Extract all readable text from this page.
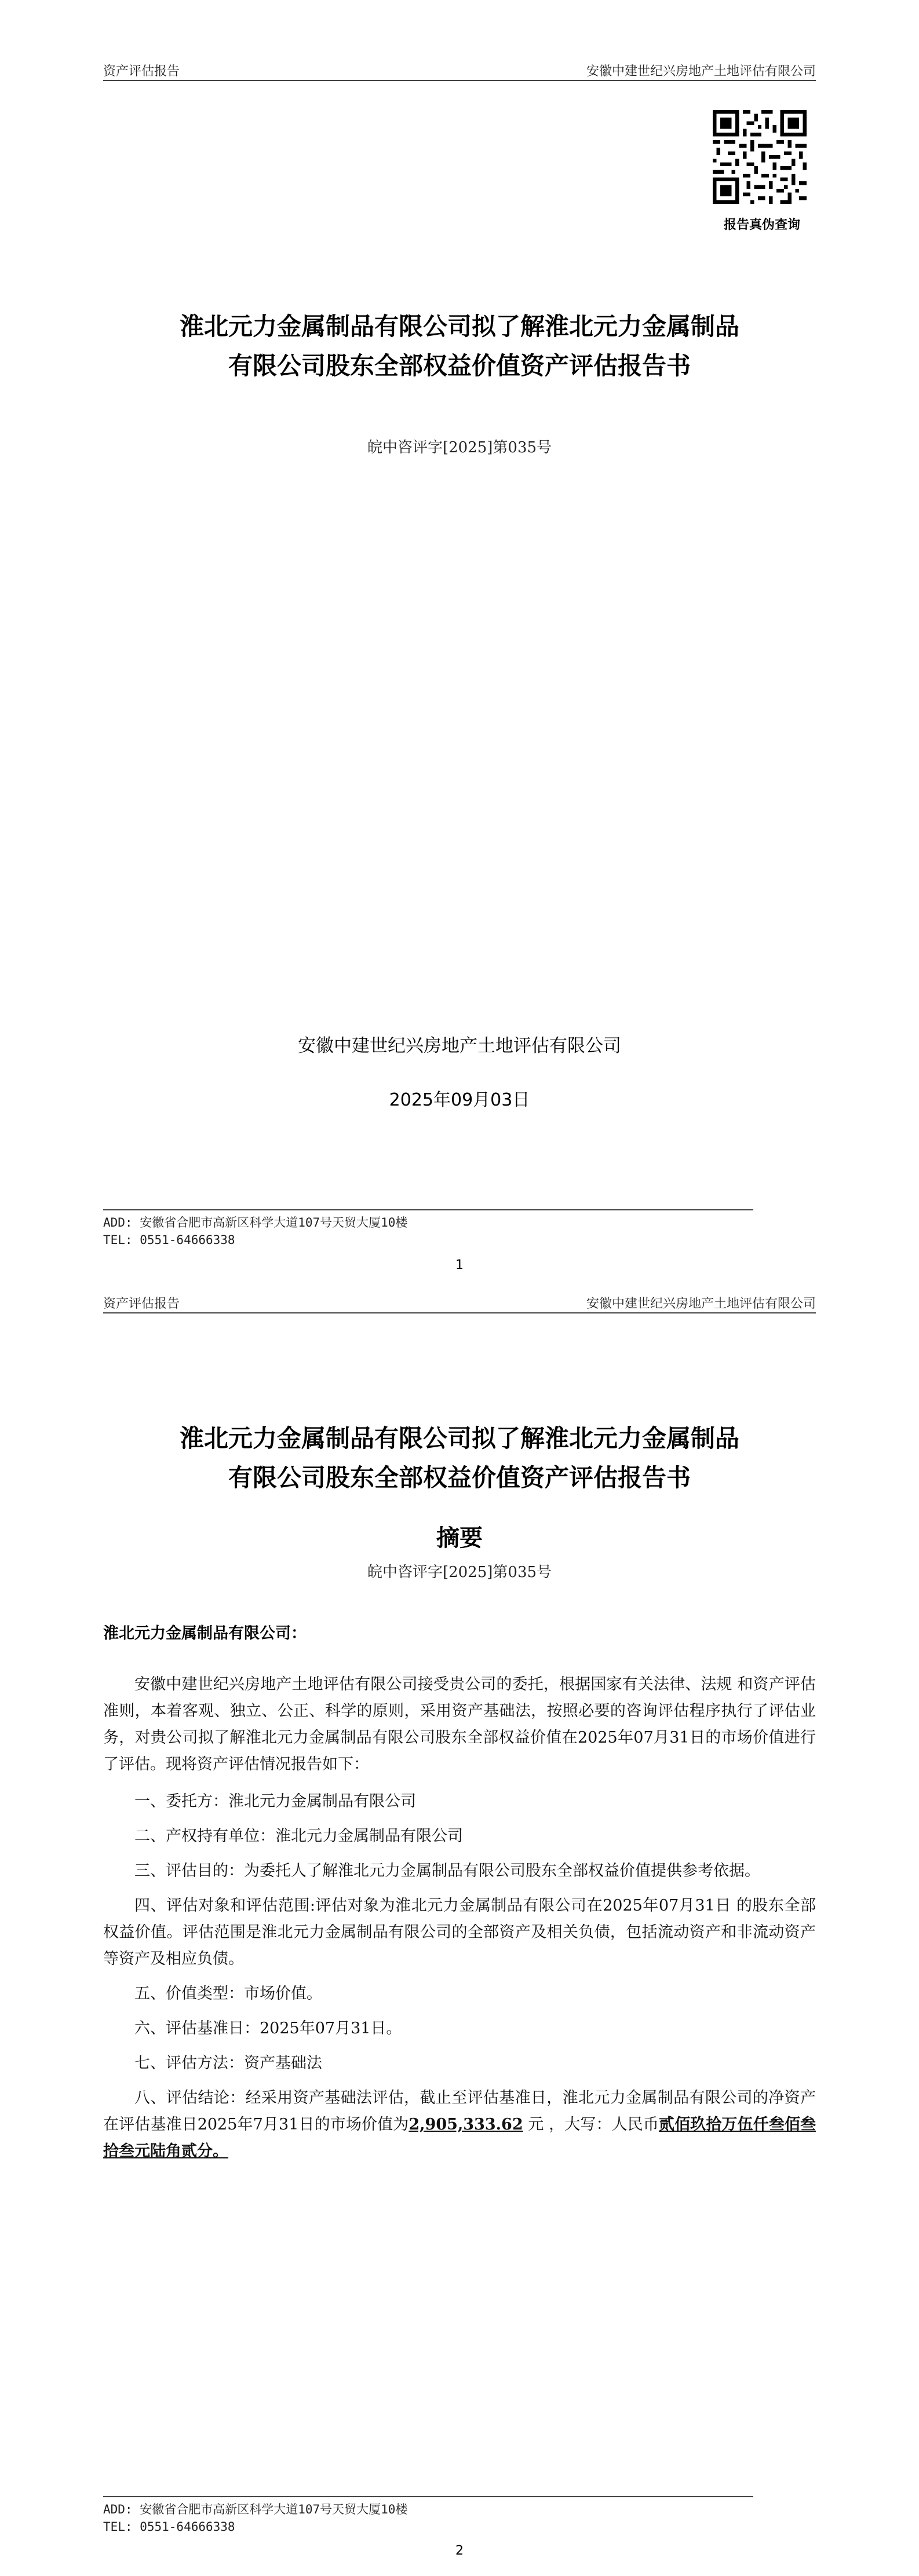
资产评估报告	安徽中建世纪兴房地产土地评估有限公司
报告真伪查询
淮北元力金属制品有限公司拟了解淮北元力金属制品
有限公司股东全部权益价值资产评估报告书
皖中咨评字[2025]第035号
安徽中建世纪兴房地产土地评估有限公司
2025年09月03日
ADD: 安徽省合肥市高新区科学大道107号天贸大厦10楼
TEL: 0551-64666338
1
资产评估报告	安徽中建世纪兴房地产土地评估有限公司
淮北元力金属制品有限公司拟了解淮北元力金属制品
有限公司股东全部权益价值资产评估报告书
摘要
皖中咨评字[2025]第035号
淮北元力金属制品有限公司：

安徽中建世纪兴房地产土地评估有限公司接受贵公司的委托，根据国家有关法律、法规 和资产评估准则，本着客观、独立、公正、科学的原则，采用资产基础法，按照必要的咨询评估程序执行了评估业务，对贵公司拟了解淮北元力金属制品有限公司股东全部权益价值在2025年07月31日的市场价值进行了评估。现将资产评估情况报告如下：

一、委托方：淮北元力金属制品有限公司

二、产权持有单位：淮北元力金属制品有限公司

三、评估目的：为委托人了解淮北元力金属制品有限公司股东全部权益价值提供参考依据。

四、评估对象和评估范围:评估对象为淮北元力金属制品有限公司在2025年07月31日 的股东全部权益价值。评估范围是淮北元力金属制品有限公司的全部资产及相关负债，包括流动资产和非流动资产等资产及相应负债。

五、价值类型：市场价值。

六、评估基准日：2025年07月31日。

七、评估方法：资产基础法

八、评估结论：经采用资产基础法评估，截止至评估基准日，淮北元力金属制品有限公司的净资产在评估基准日2025年7月31日的市场价值为2,905,333.62 元 ，大写：人民币贰佰玖拾万伍仟叁佰叁拾叁元陆角贰分。

ADD: 安徽省合肥市高新区科学大道107号天贸大厦10楼
TEL: 0551-64666338
2
